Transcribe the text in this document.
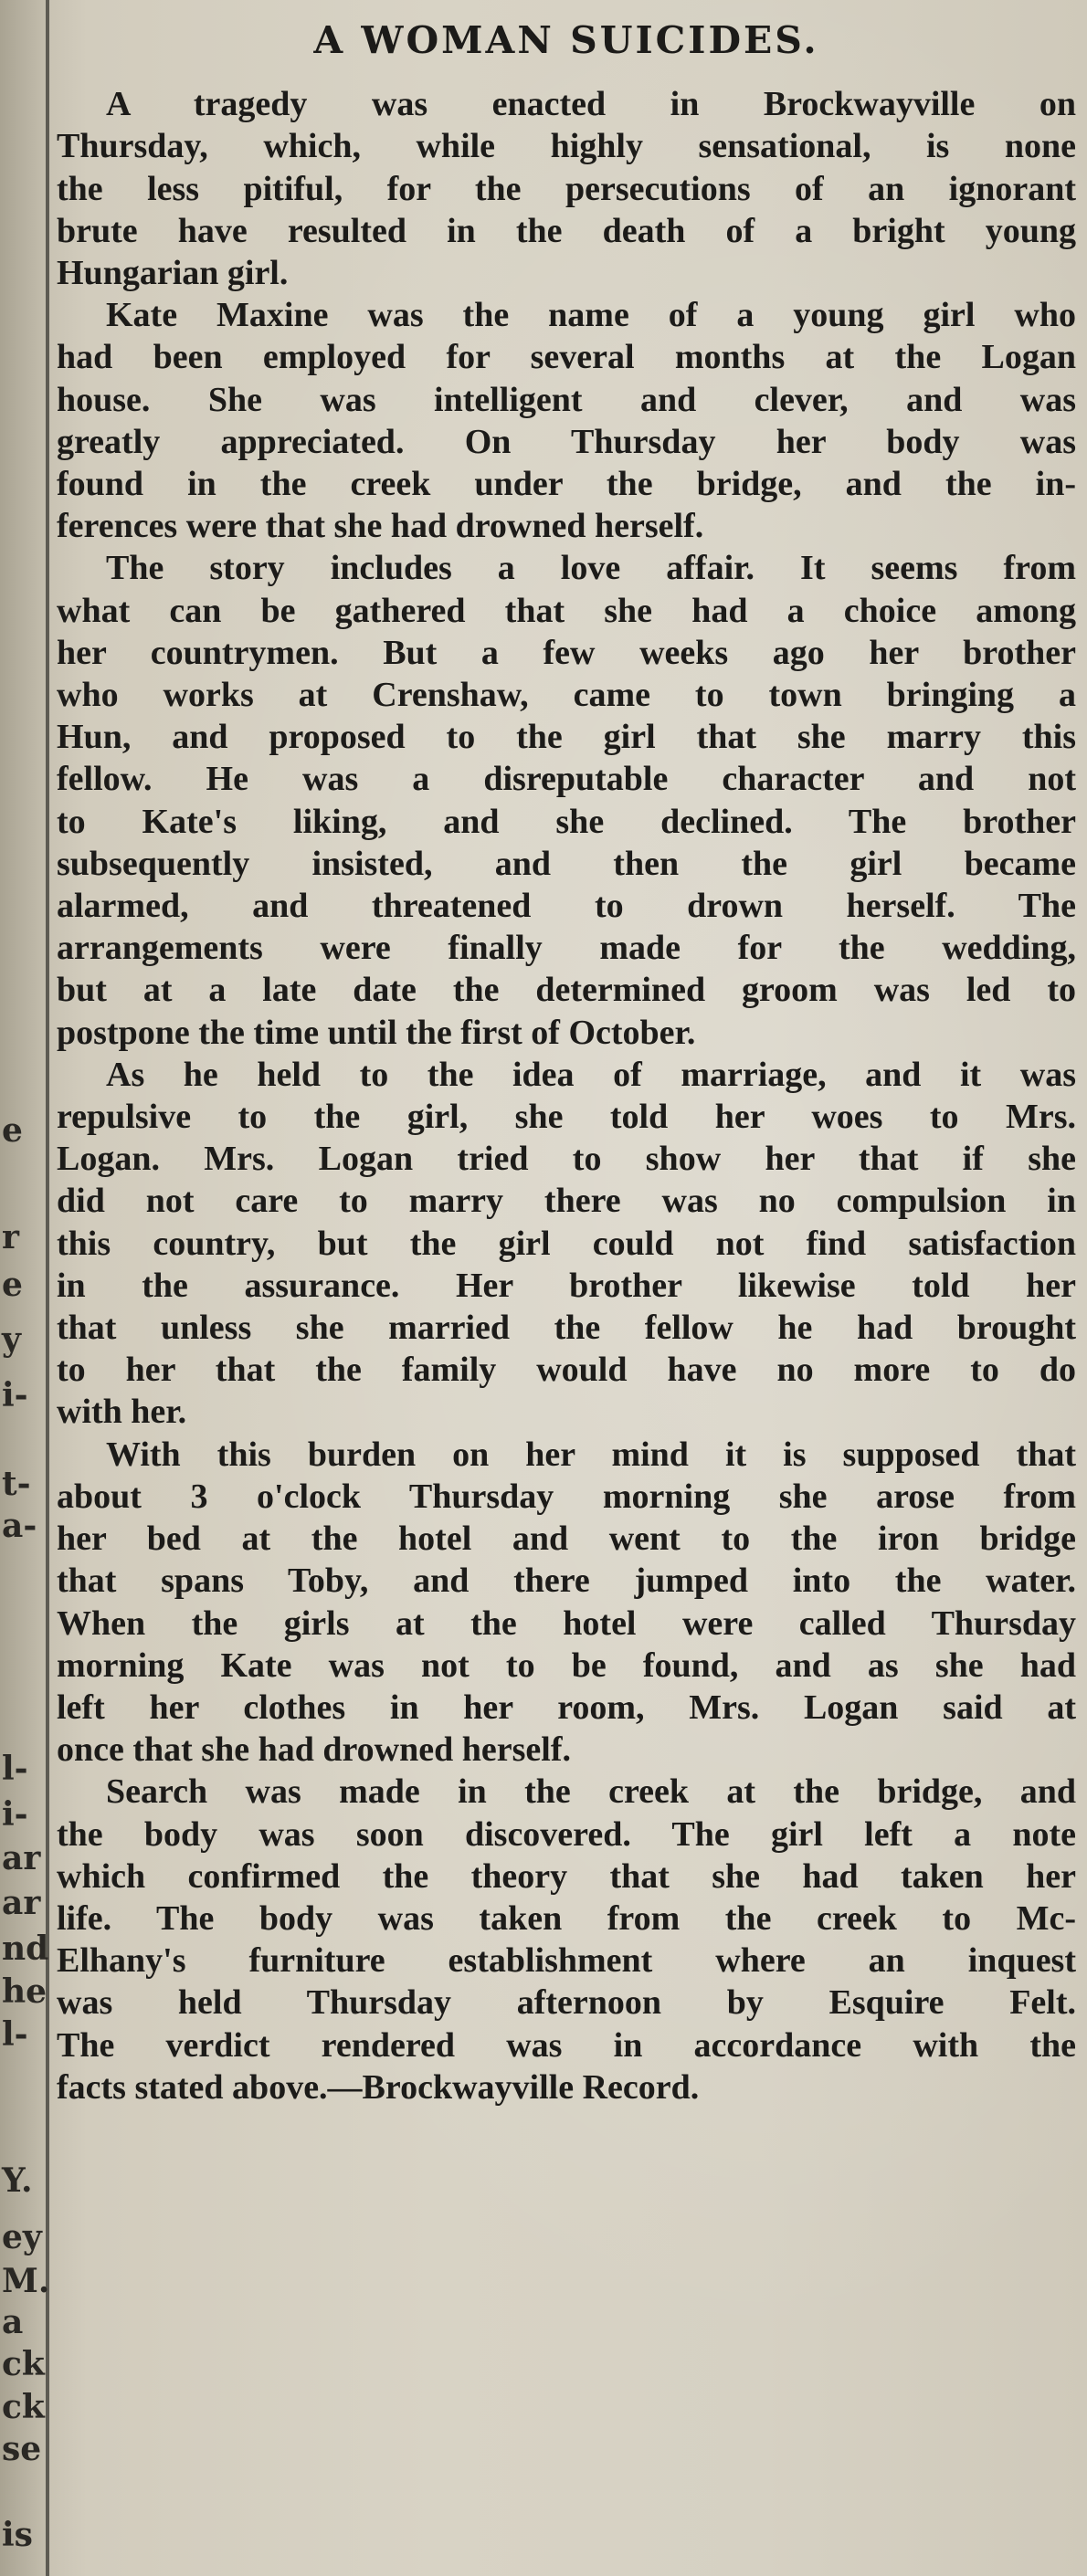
e
r
e
y
i-
t-
a-
l-
i-
ar
ar
nd
he
l-
Y.
ey
M.
a
ck
ck
se
is
A WOMAN SUICIDES.
A tragedy was enacted in Brockwayville on
Thursday, which, while highly sensational, is none
the less pitiful, for the persecutions of an ignorant
brute have resulted in the death of a bright young
Hungarian girl.
Kate Maxine was the name of a young girl who
had been employed for several months at the Logan
house. She was intelligent and clever, and was
greatly appreciated. On Thursday her body was
found in the creek under the bridge, and the in-
ferences were that she had drowned herself.
The story includes a love affair. It seems from
what can be gathered that she had a choice among
her countrymen. But a few weeks ago her brother
who works at Crenshaw, came to town bringing a
Hun, and proposed to the girl that she marry this
fellow. He was a disreputable character and not
to Kate's liking, and she declined. The brother
subsequently insisted, and then the girl became
alarmed, and threatened to drown herself. The
arrangements were finally made for the wedding,
but at a late date the determined groom was led to
postpone the time until the first of October.
As he held to the idea of marriage, and it was
repulsive to the girl, she told her woes to Mrs.
Logan. Mrs. Logan tried to show her that if she
did not care to marry there was no compulsion in
this country, but the girl could not find satisfaction
in the assurance. Her brother likewise told her
that unless she married the fellow he had brought
to her that the family would have no more to do
with her.
With this burden on her mind it is supposed that
about 3 o'clock Thursday morning she arose from
her bed at the hotel and went to the iron bridge
that spans Toby, and there jumped into the water.
When the girls at the hotel were called Thursday
morning Kate was not to be found, and as she had
left her clothes in her room, Mrs. Logan said at
once that she had drowned herself.
Search was made in the creek at the bridge, and
the body was soon discovered. The girl left a note
which confirmed the theory that she had taken her
life. The body was taken from the creek to Mc-
Elhany's furniture establishment where an inquest
was held Thursday afternoon by Esquire Felt.
The verdict rendered was in accordance with the
facts stated above.—Brockwayville Record.
